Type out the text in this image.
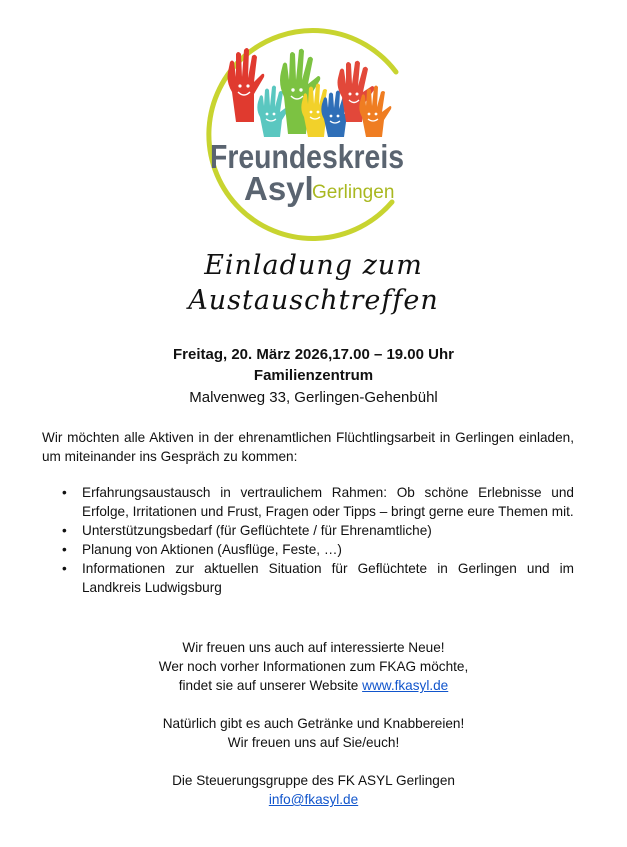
Freundeskreis
Asyl
Gerlingen
Einladung zum
Austauschtreffen
Freitag, 20. März 2026,17.00 – 19.00 Uhr
Familienzentrum
Malvenweg 33, Gerlingen-Gehenbühl
Wir möchten alle Aktiven in der ehrenamtlichen Flüchtlingsarbeit in Gerlingen einladen, um miteinander ins Gespräch zu kommen:
• Erfahrungsaustausch in vertraulichem Rahmen: Ob schöne Erlebnisse und Erfolge, Irritationen und Frust, Fragen oder Tipps – bringt gerne eure Themen mit.
• Unterstützungsbedarf (für Geflüchtete / für Ehrenamtliche)
• Planung von Aktionen (Ausflüge, Feste, …)
• Informationen zur aktuellen Situation für Geflüchtete in Gerlingen und im Landkreis Ludwigsburg
Wir freuen uns auch auf interessierte Neue!
Wer noch vorher Informationen zum FKAG möchte,
findet sie auf unserer Website www.fkasyl.de
Natürlich gibt es auch Getränke und Knabbereien!
Wir freuen uns auf Sie/euch!
Die Steuerungsgruppe des FK ASYL Gerlingen
info@fkasyl.de
